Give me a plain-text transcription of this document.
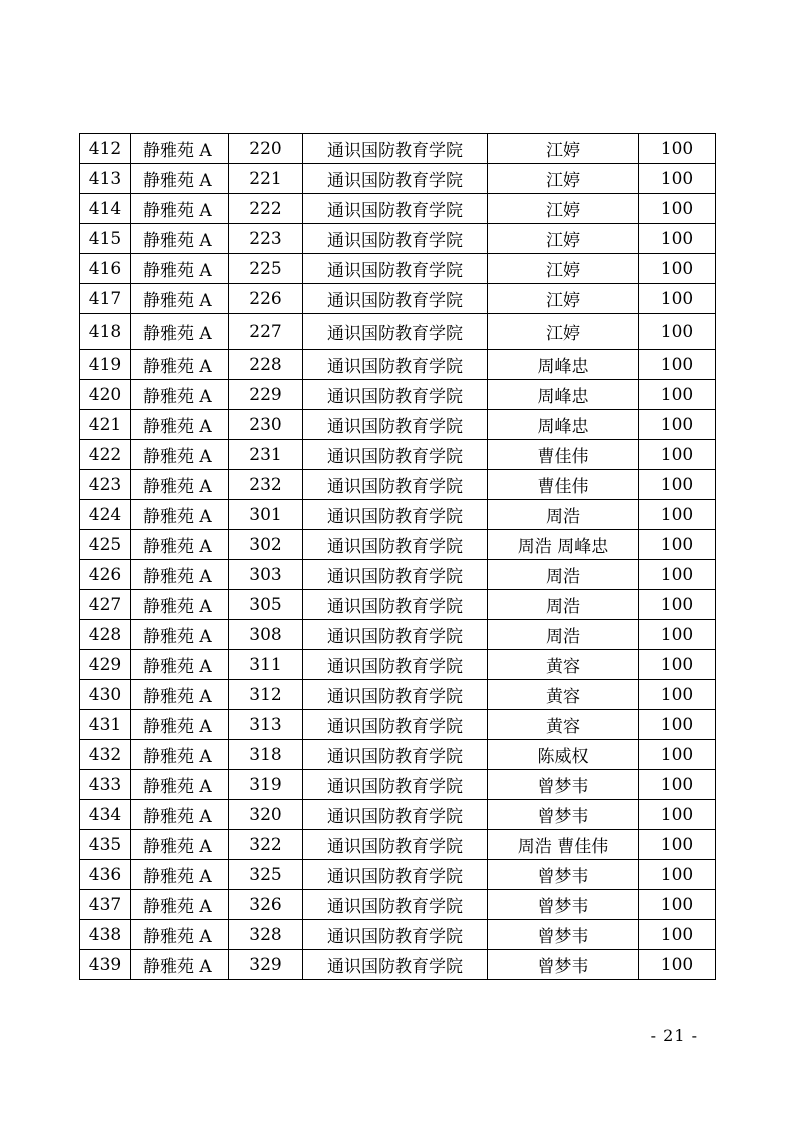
412	静雅苑 A	220	通识国防教育学院	江婷	100
413	静雅苑 A	221	通识国防教育学院	江婷	100
414	静雅苑 A	222	通识国防教育学院	江婷	100
415	静雅苑 A	223	通识国防教育学院	江婷	100
416	静雅苑 A	225	通识国防教育学院	江婷	100
417	静雅苑 A	226	通识国防教育学院	江婷	100
418	静雅苑 A	227	通识国防教育学院	江婷	100
419	静雅苑 A	228	通识国防教育学院	周峰忠	100
420	静雅苑 A	229	通识国防教育学院	周峰忠	100
421	静雅苑 A	230	通识国防教育学院	周峰忠	100
422	静雅苑 A	231	通识国防教育学院	曹佳伟	100
423	静雅苑 A	232	通识国防教育学院	曹佳伟	100
424	静雅苑 A	301	通识国防教育学院	周浩	100
425	静雅苑 A	302	通识国防教育学院	周浩 周峰忠	100
426	静雅苑 A	303	通识国防教育学院	周浩	100
427	静雅苑 A	305	通识国防教育学院	周浩	100
428	静雅苑 A	308	通识国防教育学院	周浩	100
429	静雅苑 A	311	通识国防教育学院	黄容	100
430	静雅苑 A	312	通识国防教育学院	黄容	100
431	静雅苑 A	313	通识国防教育学院	黄容	100
432	静雅苑 A	318	通识国防教育学院	陈威权	100
433	静雅苑 A	319	通识国防教育学院	曾梦韦	100
434	静雅苑 A	320	通识国防教育学院	曾梦韦	100
435	静雅苑 A	322	通识国防教育学院	周浩 曹佳伟	100
436	静雅苑 A	325	通识国防教育学院	曾梦韦	100
437	静雅苑 A	326	通识国防教育学院	曾梦韦	100
438	静雅苑 A	328	通识国防教育学院	曾梦韦	100
439	静雅苑 A	329	通识国防教育学院	曾梦韦	100
- 21 -
